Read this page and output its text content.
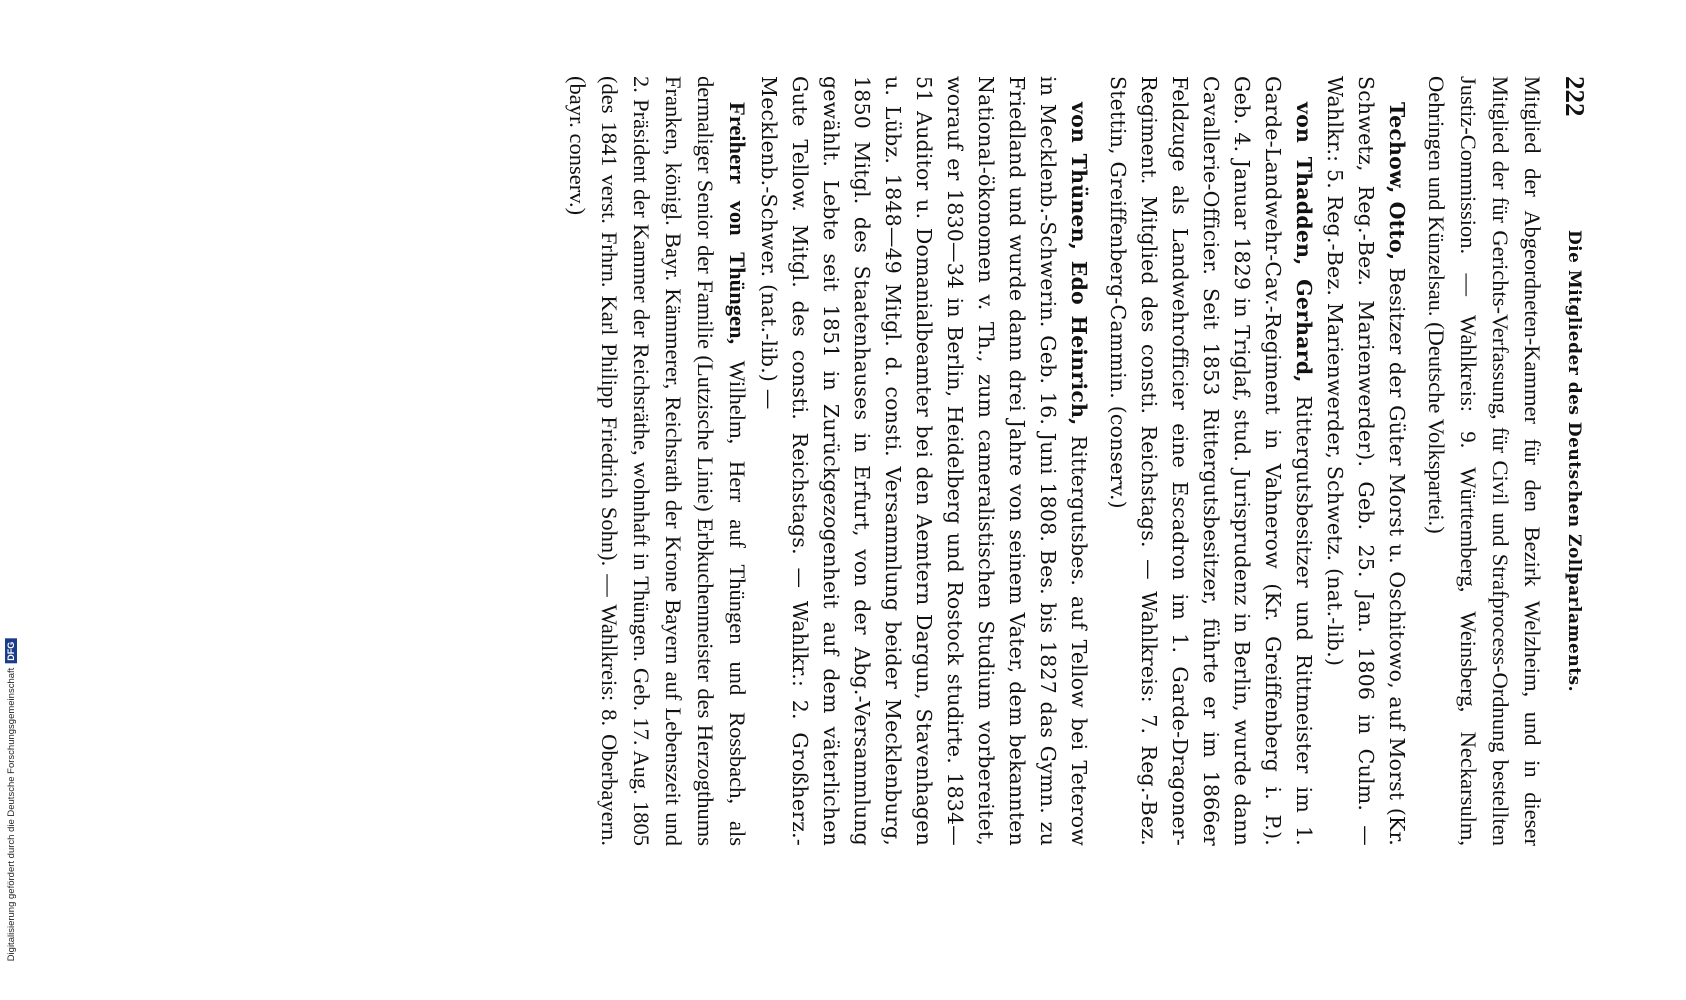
Digitalisierung gefördert durch die Deutsche Forschungsgemeinschaft
DFG
222
Die Mitglieder des Deutschen Zollparlaments.

Mitglied der Abgeordneten-Kammer für den Bezirk Welzheim, und in dieser Mitglied der für Gerichts-Verfassung, für Civil und Strafprocess-Ordnung bestellten Justiz-Commission. — Wahlkreis: 9. Württemberg, Weinsberg, Neckarsulm, Oehringen und Künzelsau. (Deutsche Volkspartei.)

Techow, Otto, Besitzer der Güter Morst u. Oschitowo, auf Morst (Kr. Schwetz, Reg.-Bez. Marienwerder). Geb. 25. Jan. 1806 in Culm. — Wahlkr.: 5. Reg.-Bez. Marienwerder, Schwetz. (nat.-lib.)

von Thadden, Gerhard, Rittergutsbesitzer und Rittmeister im 1. Garde-Landwehr-Cav.-Regiment in Vahnerow (Kr. Greiffenberg i. P.). Geb. 4. Januar 1829 in Triglaf, stud. Jurisprudenz in Berlin, wurde dann Cavallerie-Officier. Seit 1853 Rittergutsbesitzer, führte er im 1866er Feldzuge als Landwehrofficier eine Escadron im 1. Garde-Dragoner-Regiment. Mitglied des consti. Reichstags. — Wahlkreis: 7. Reg.-Bez. Stettin, Greiffenberg-Cammin. (conserv.)

von Thünen, Edo Heinrich, Rittergutsbes. auf Tellow bei Teterow in Mecklenb.-Schwerin. Geb. 16. Juni 1808. Bes. bis 1827 das Gymn. zu Friedland und wurde dann drei Jahre von seinem Vater, dem bekannten National-ökonomen v. Th., zum cameralistischen Studium vorbereitet, worauf er 1830—34 in Berlin, Heidelberg und Rostock studirte. 1834—51 Auditor u. Domanialbeamter bei den Aemtern Dargun, Stavenhagen u. Lübz. 1848—49 Mitgl. d. consti. Versammlung beider Mecklenburg, 1850 Mitgl. des Staatenhauses in Erfurt, von der Abg.-Versammlung gewählt. Lebte seit 1851 in Zurückgezogenheit auf dem väterlichen Gute Tellow. Mitgl. des consti. Reichstags. — Wahlkr.: 2. Großherz.-Mecklenb.-Schwer. (nat.-lib.) —

Freiherr von Thüngen, Wilhelm, Herr auf Thüngen und Rossbach, als dermaliger Senior der Familie (Lutzische Linie) Erbkuchenmeister des Herzogthums Franken, königl. Bayr. Kämmerer, Reichsrath der Krone Bayern auf Lebenszeit und 2. Präsident der Kammer der Reichsräthe, wohnhaft in Thüngen. Geb. 17. Aug. 1805 (des 1841 verst. Frhrn. Karl Philipp Friedrich Sohn). — Wahlkreis: 8. Oberbayern. (bayr. conserv.)
